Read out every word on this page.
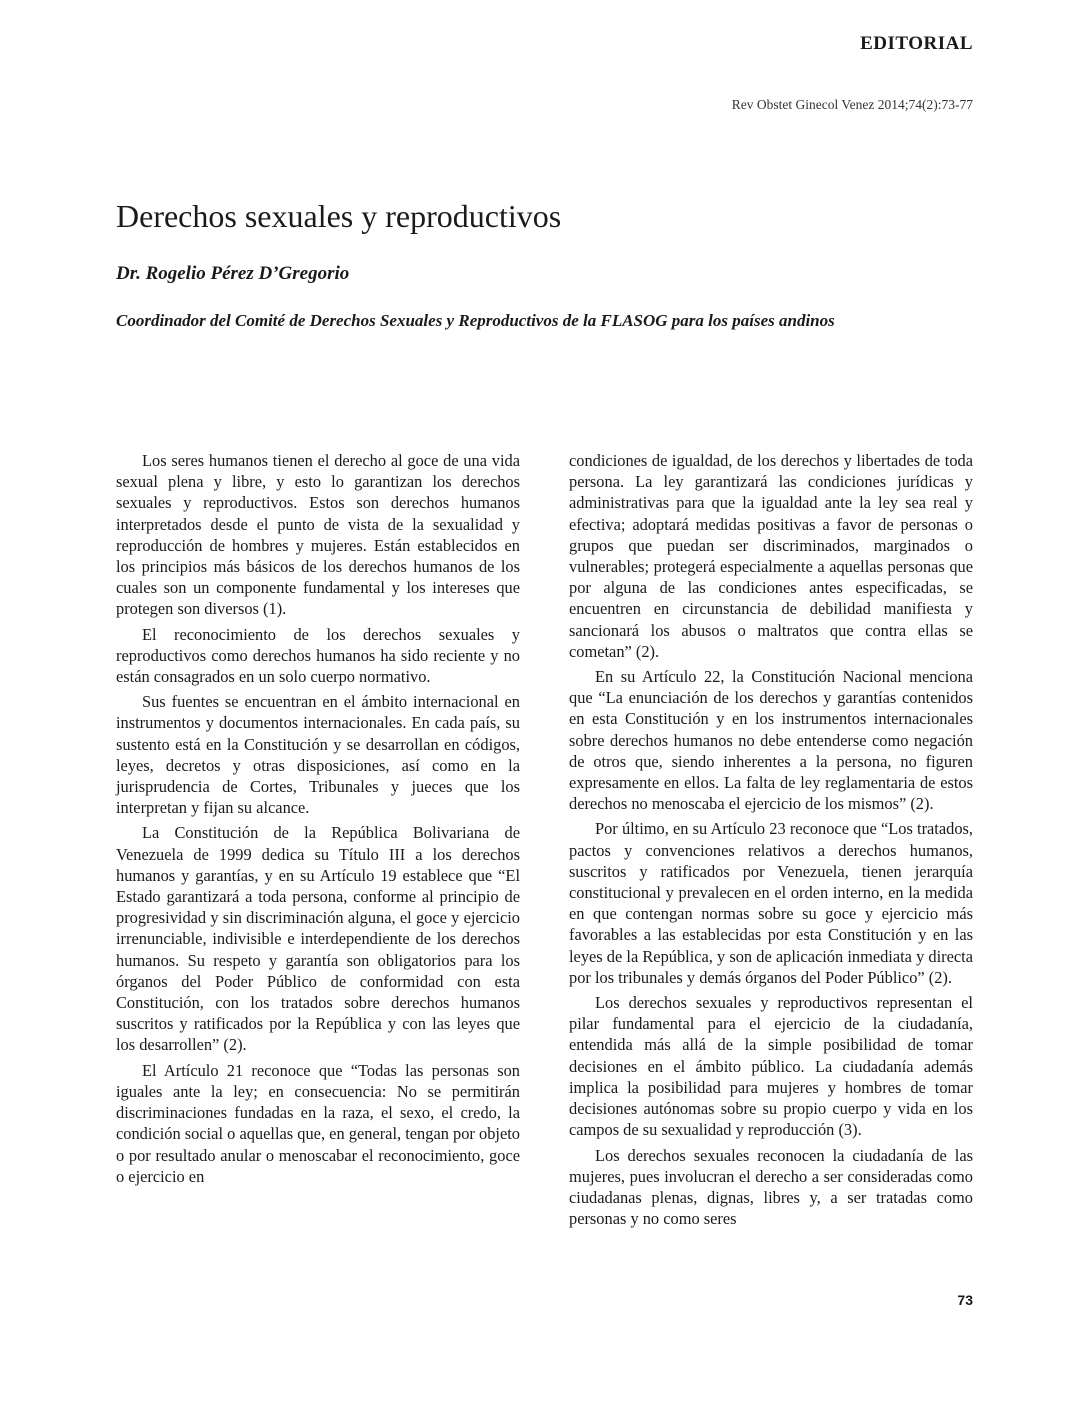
EDITORIAL
Rev Obstet Ginecol Venez 2014;74(2):73-77
Derechos sexuales y reproductivos
Dr. Rogelio Pérez D’Gregorio
Coordinador del Comité de Derechos Sexuales y Reproductivos de la FLASOG para los países andinos

Los seres humanos tienen el derecho al goce de una vida sexual plena y libre, y esto lo garantizan los derechos sexuales y reproductivos. Estos son derechos humanos interpretados desde el punto de vista de la sexualidad y reproducción de hombres y mujeres. Están establecidos en los principios más básicos de los derechos humanos de los cuales son un componente fundamental y los intereses que protegen son diversos (1).

El reconocimiento de los derechos sexuales y reproductivos como derechos humanos ha sido reciente y no están consagrados en un solo cuerpo normativo.

Sus fuentes se encuentran en el ámbito internacional en instrumentos y documentos internacionales. En cada país, su sustento está en la Constitución y se desarrollan en códigos, leyes, decretos y otras disposiciones, así como en la jurisprudencia de Cortes, Tribunales y jueces que los interpretan y fijan su alcance.

La Constitución de la República Bolivariana de Venezuela de 1999 dedica su Título III a los derechos humanos y garantías, y en su Artículo 19 establece que “El Estado garantizará a toda persona, conforme al principio de progresividad y sin discriminación alguna, el goce y ejercicio irrenunciable, indivisible e interdependiente de los derechos humanos. Su respeto y garantía son obligatorios para los órganos del Poder Público de conformidad con esta Constitución, con los tratados sobre derechos humanos suscritos y ratificados por la República y con las leyes que los desarrollen” (2).

El Artículo 21 reconoce que “Todas las personas son iguales ante la ley; en consecuencia: No se permitirán discriminaciones fundadas en la raza, el sexo, el credo, la condición social o aquellas que, en general, tengan por objeto o por resultado anular o menoscabar el reconocimiento, goce o ejercicio en

condiciones de igualdad, de los derechos y libertades de toda persona. La ley garantizará las condiciones jurídicas y administrativas para que la igualdad ante la ley sea real y efectiva; adoptará medidas positivas a favor de personas o grupos que puedan ser discriminados, marginados o vulnerables; protegerá especialmente a aquellas personas que por alguna de las condiciones antes especificadas, se encuentren en circunstancia de debilidad manifiesta y sancionará los abusos o maltratos que contra ellas se cometan” (2).

En su Artículo 22, la Constitución Nacional menciona que “La enunciación de los derechos y garantías contenidos en esta Constitución y en los instrumentos internacionales sobre derechos humanos no debe entenderse como negación de otros que, siendo inherentes a la persona, no figuren expresamente en ellos. La falta de ley reglamentaria de estos derechos no menoscaba el ejercicio de los mismos” (2).

Por último, en su Artículo 23 reconoce que “Los tratados, pactos y convenciones relativos a derechos humanos, suscritos y ratificados por Venezuela, tienen jerarquía constitucional y prevalecen en el orden interno, en la medida en que contengan normas sobre su goce y ejercicio más favorables a las establecidas por esta Constitución y en las leyes de la República, y son de aplicación inmediata y directa por los tribunales y demás órganos del Poder Público” (2).

Los derechos sexuales y reproductivos representan el pilar fundamental para el ejercicio de la ciudadanía, entendida más allá de la simple posibilidad de tomar decisiones en el ámbito público. La ciudadanía además implica la posibilidad para mujeres y hombres de tomar decisiones autónomas sobre su propio cuerpo y vida en los campos de su sexualidad y reproducción (3).

Los derechos sexuales reconocen la ciudadanía de las mujeres, pues involucran el derecho a ser consideradas como ciudadanas plenas, dignas, libres y, a ser tratadas como personas y no como seres

73
